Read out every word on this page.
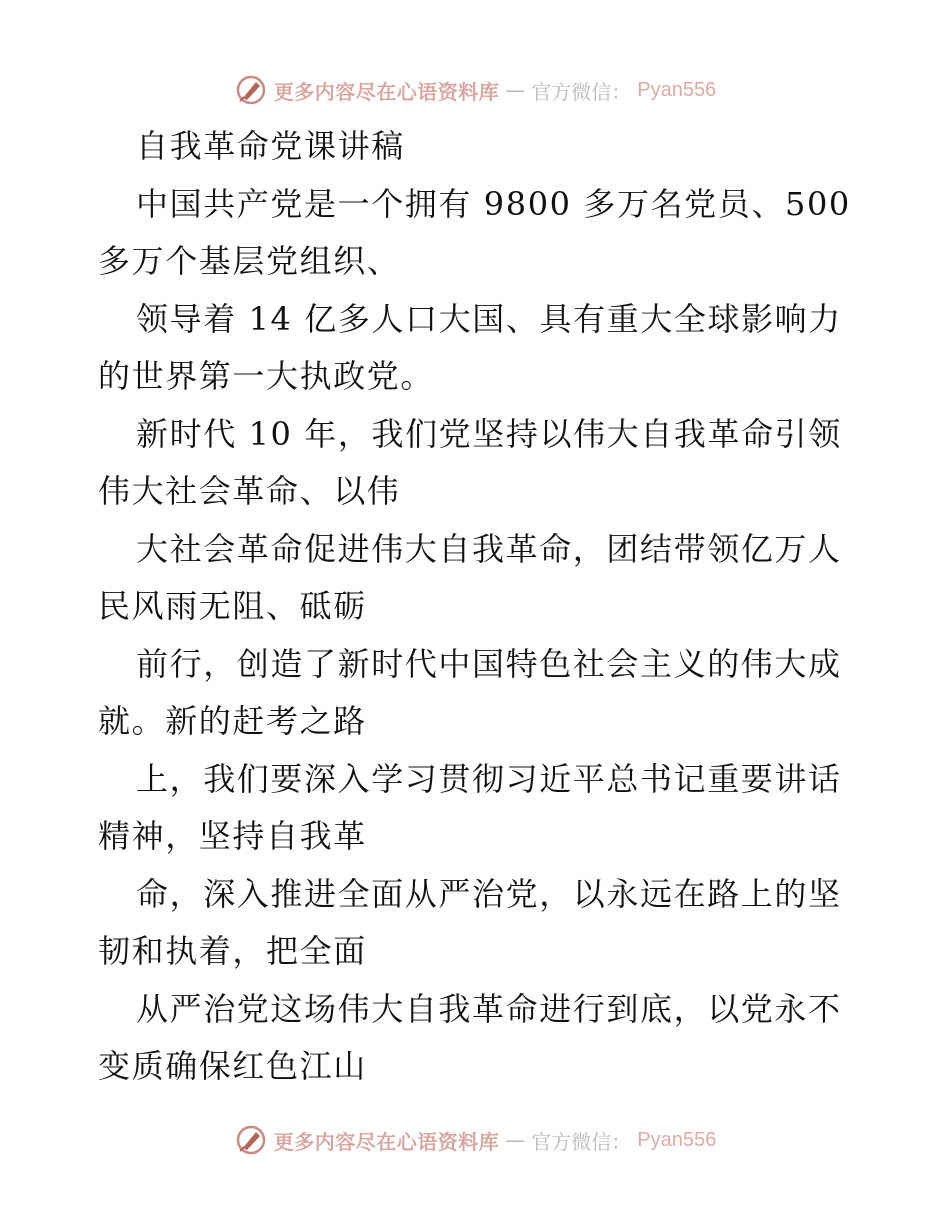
更多内容尽在心语资料库 — 官方微信： Pyan556
自我革命党课讲稿
中国共产党是一个拥有 9800 多万名党员、500
多万个基层党组织、
领导着 14 亿多人口大国、具有重大全球影响力
的世界第一大执政党。
新时代 10 年，我们党坚持以伟大自我革命引领
伟大社会革命、以伟
大社会革命促进伟大自我革命，团结带领亿万人
民风雨无阻、砥砺
前行，创造了新时代中国特色社会主义的伟大成
就。新的赶考之路
上，我们要深入学习贯彻习近平总书记重要讲话
精神，坚持自我革
命，深入推进全面从严治党，以永远在路上的坚
韧和执着，把全面
从严治党这场伟大自我革命进行到底，以党永不
变质确保红色江山
更多内容尽在心语资料库 — 官方微信： Pyan556
